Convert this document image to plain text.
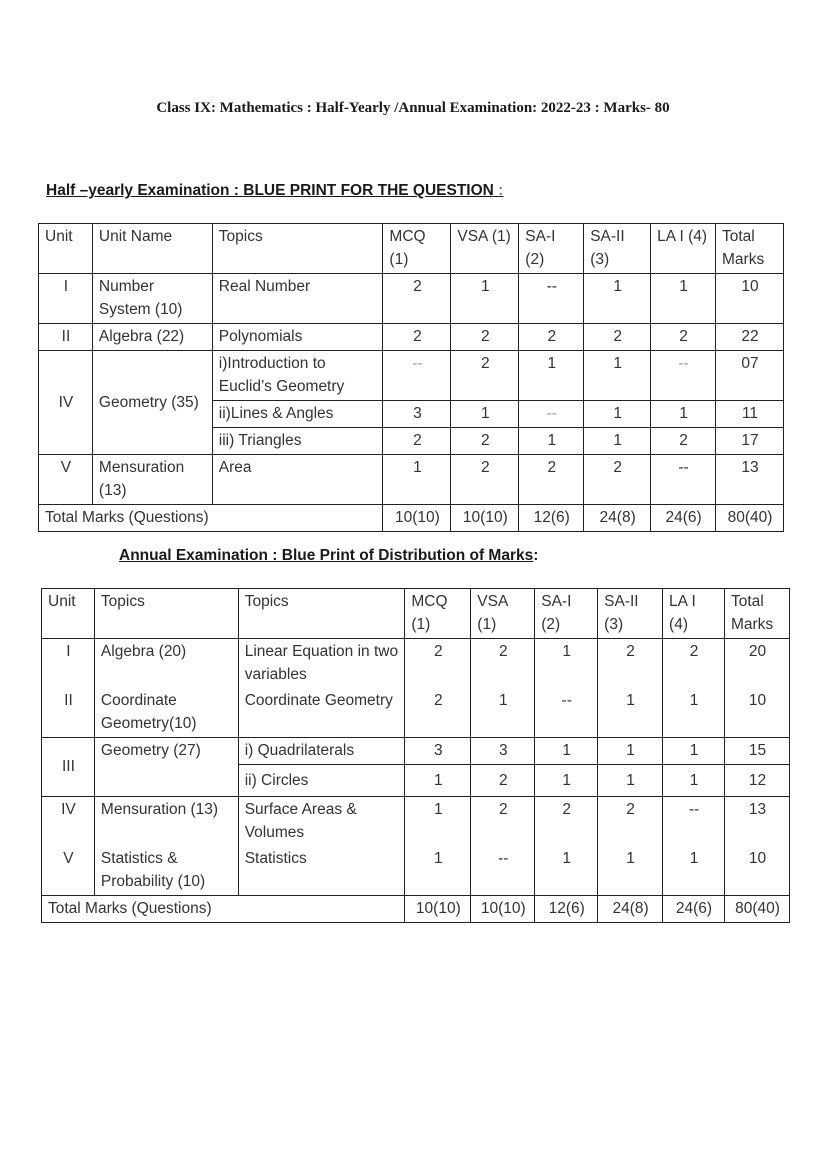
Class IX: Mathematics : Half-Yearly /Annual Examination: 2022-23 : Marks- 80
Half –yearly Examination : BLUE PRINT FOR THE QUESTION :
Unit	Unit Name	Topics	MCQ (1)	VSA (1)	SA-I (2)	SA-II (3)	LA I (4)	Total Marks
I	Number System (10)	Real Number	2	1	--	1	1	10
II	Algebra (22)	Polynomials	2	2	2	2	2	22
IV	Geometry (35)	i)Introduction to Euclid’s Geometry	--	2	1	1	--	07
		ii)Lines & Angles	3	1	--	1	1	11
		iii) Triangles	2	2	1	1	2	17
V	Mensuration (13)	Area	1	2	2	2	--	13
Total Marks (Questions)			10(10)	10(10)	12(6)	24(8)	24(6)	80(40)
Annual Examination : Blue Print of Distribution of Marks:
Unit	Topics	Topics	MCQ (1)	VSA (1)	SA-I (2)	SA-II (3)	LA I (4)	Total Marks
I	Algebra (20)	Linear Equation in two variables	2	2	1	2	2	20
II	Coordinate Geometry(10)	Coordinate Geometry	2	1	--	1	1	10
III	Geometry (27)	i) Quadrilaterals	3	3	1	1	1	15
		ii) Circles	1	2	1	1	1	12
IV	Mensuration (13)	Surface Areas & Volumes	1	2	2	2	--	13
V	Statistics & Probability (10)	Statistics	1	--	1	1	1	10
Total Marks (Questions)			10(10)	10(10)	12(6)	24(8)	24(6)	80(40)
